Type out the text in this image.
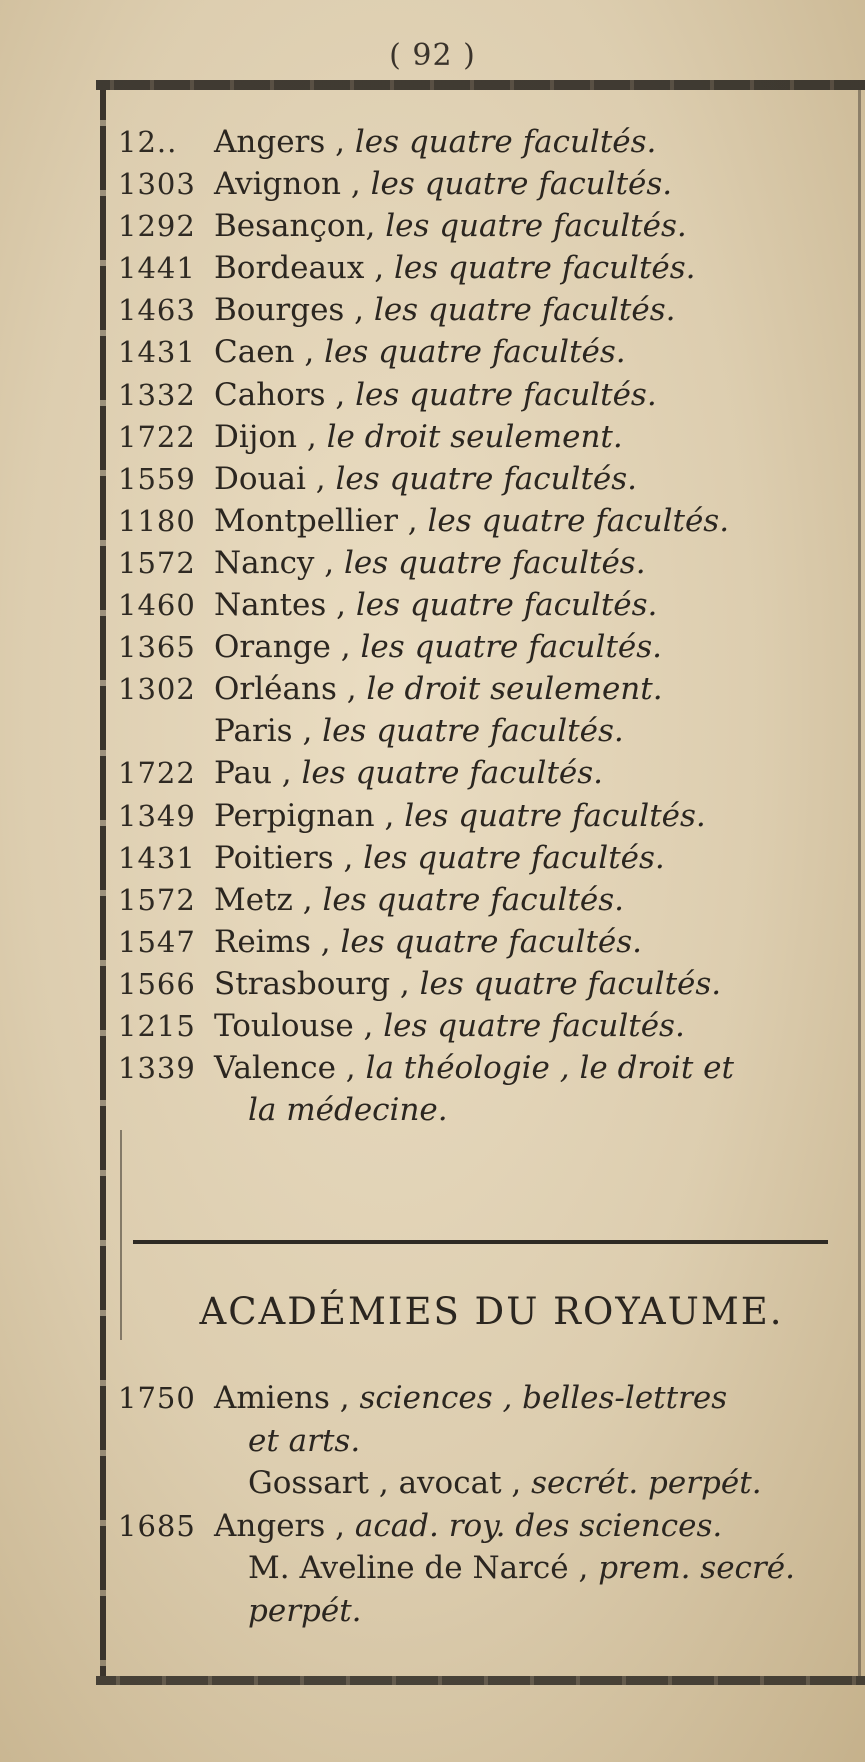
( 92 )
12..	Angers , les quatre facultés.
1303 Avignon , les quatre facultés.
1292 Besançon, les quatre facultés.
1441 Bordeaux , les quatre facultés.
1463 Bourges , les quatre facultés.
1431 Caen , les quatre facultés.
1332 Cahors , les quatre facultés.
1722 Dijon , le droit seulement.
1559 Douai , les quatre facultés.
1180 Montpellier , les quatre facultés.
1572 Nancy , les quatre facultés.
1460 Nantes , les quatre facultés.
1365 Orange , les quatre facultés.
1302 Orléans , le droit seulement.
Paris , les quatre facultés.
1722 Pau , les quatre facultés.
1349 Perpignan , les quatre facultés.
1431 Poitiers , les quatre facultés.
1572 Metz , les quatre facultés.
1547 Reims , les quatre facultés.
1566 Strasbourg , les quatre facultés.
1215 Toulouse , les quatre facultés.
1339 Valence , la théologie , le droit et
la médecine.
ACADÉMIES DU ROYAUME.
1750 Amiens , sciences , belles-lettres
et arts.
Gossart , avocat , secrét. perpét.
1685 Angers , acad. roy. des sciences.
M. Aveline de Narcé , prem. secré.
perpét.
